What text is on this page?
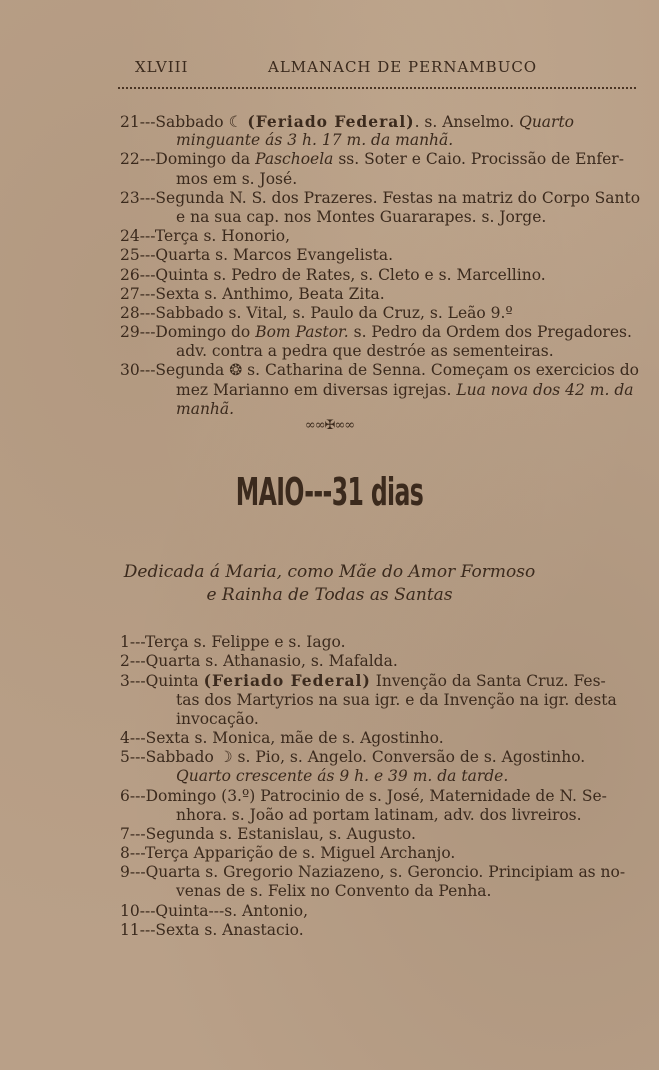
XLVIII	ALMANACH DE PERNAMBUCO
21---Sabbado ☾ (Feriado Federal). s. Anselmo. Quarto
minguante ás 3 h. 17 m. da manhã.
22---Domingo da Paschoela ss. Soter e Caio. Procissão de Enfer-
mos em s. José.
23---Segunda N. S. dos Prazeres. Festas na matriz do Corpo Santo
e na sua cap. nos Montes Guararapes. s. Jorge.
24---Terça s. Honorio,
25---Quarta s. Marcos Evangelista.
26---Quinta s. Pedro de Rates, s. Cleto e s. Marcellino.
27---Sexta s. Anthimo, Beata Zita.
28---Sabbado s. Vital, s. Paulo da Cruz, s. Leão 9.º
29---Domingo do Bom Pastor. s. Pedro da Ordem dos Pregadores.
adv. contra a pedra que destróe as sementeiras.
30---Segunda ❂ s. Catharina de Senna. Começam os exercicios do
mez Marianno em diversas igrejas. Lua nova dos 42 m. da
manhã.
∞∞✠∞∞
MAIO---31 dias
Dedicada á Maria, como Mãe do Amor Formoso
e Rainha de Todas as Santas
1---Terça s. Felippe e s. Iago.
2---Quarta s. Athanasio, s. Mafalda.
3---Quinta (Feriado Federal) Invenção da Santa Cruz. Fes-
tas dos Martyrios na sua igr. e da Invenção na igr. desta
invocação.
4---Sexta s. Monica, mãe de s. Agostinho.
5---Sabbado ☽ s. Pio, s. Angelo. Conversão de s. Agostinho.
Quarto crescente ás 9 h. e 39 m. da tarde.
6---Domingo (3.º) Patrocinio de s. José, Maternidade de N. Se-
nhora. s. João ad portam latinam, adv. dos livreiros.
7---Segunda s. Estanislau, s. Augusto.
8---Terça Apparição de s. Miguel Archanjo.
9---Quarta s. Gregorio Naziazeno, s. Geroncio. Principiam as no-
venas de s. Felix no Convento da Penha.
10---Quinta---s. Antonio,
11---Sexta s. Anastacio.
